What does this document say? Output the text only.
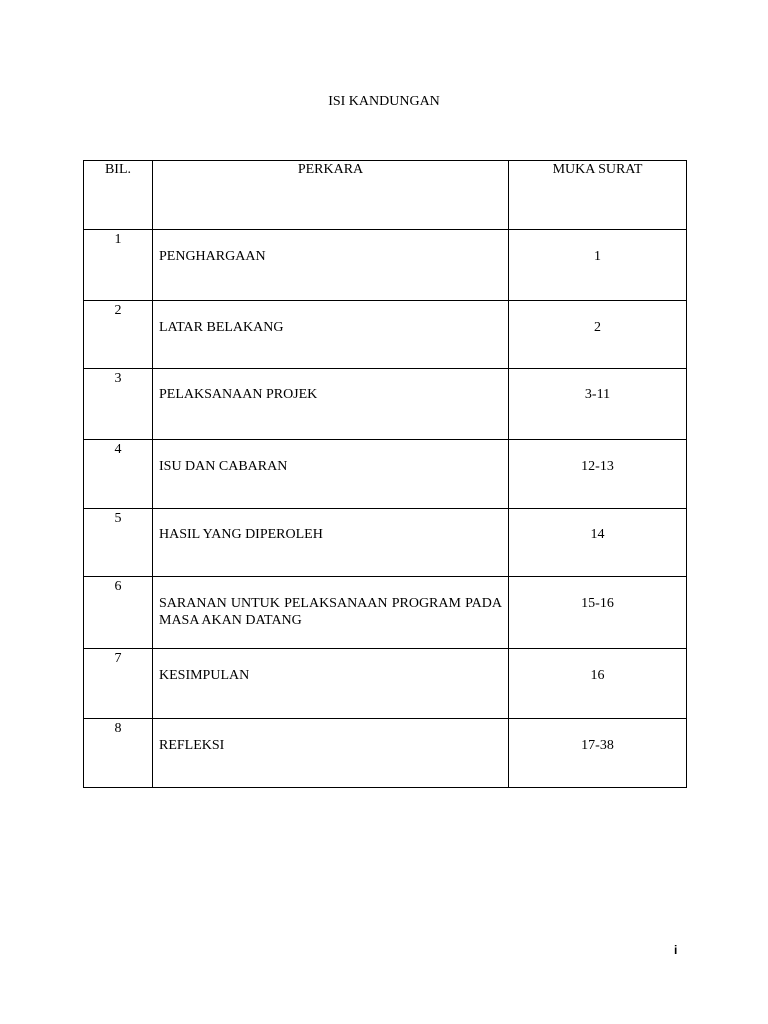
ISI KANDUNGAN
BIL.	PERKARA	MUKA SURAT
1	PENGHARGAAN	1

2	LATAR BELAKANG	2

3	PELAKSANAAN PROJEK	3-11

4	ISU DAN CABARAN	12-13

5	HASIL YANG DIPEROLEH	14

6	SARANAN UNTUK PELAKSANAAN PROGRAM PADA MASA AKAN DATANG	15-16

7	KESIMPULAN	16

8	REFLEKSI	17-38
i
